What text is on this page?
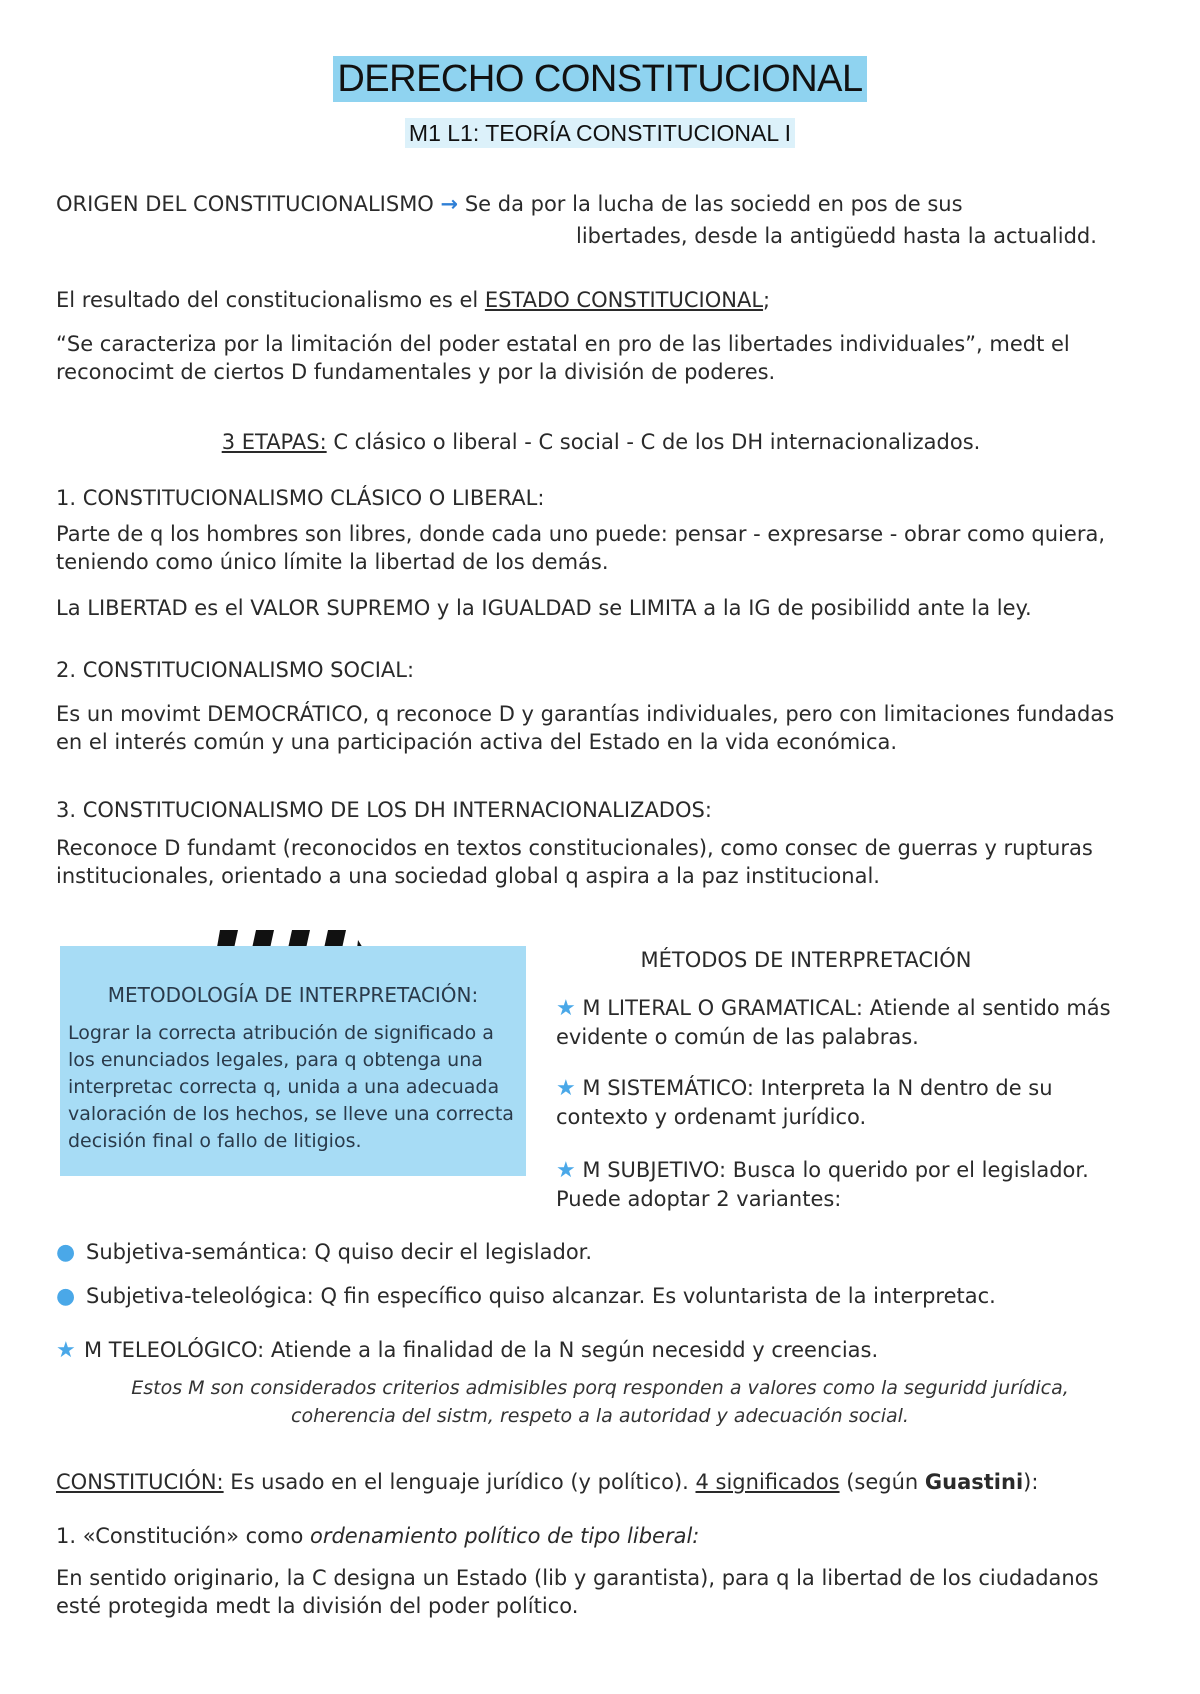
DERECHO CONSTITUCIONAL
M1 L1: TEORÍA CONSTITUCIONAL I

ORIGEN DEL CONSTITUCIONALISMO → Se da por la lucha de las sociedd en pos de sus

libertades, desde la antigüedd hasta la actualidd.

El resultado del constitucionalismo es el ESTADO CONSTITUCIONAL;

“Se caracteriza por la limitación del poder estatal en pro de las libertades individuales”, medt el reconocimt de ciertos D fundamentales y por la división de poderes.

3 ETAPAS: C clásico o liberal - C social - C de los DH internacionalizados.

1. CONSTITUCIONALISMO CLÁSICO O LIBERAL:

Parte de q los hombres son libres, donde cada uno puede: pensar - expresarse - obrar como quiera, teniendo como único límite la libertad de los demás.

La LIBERTAD es el VALOR SUPREMO y la IGUALDAD se LIMITA a la IG de posibilidd ante la ley.

2. CONSTITUCIONALISMO SOCIAL:

Es un movimt DEMOCRÁTICO, q reconoce D y garantías individuales, pero con limitaciones fundadas en el interés común y una participación activa del Estado en la vida económica.

3. CONSTITUCIONALISMO DE LOS DH INTERNACIONALIZADOS:

Reconoce D fundamt (reconocidos en textos constitucionales), como consec de guerras y rupturas institucionales, orientado a una sociedad global q aspira a la paz institucional.

METODOLOGÍA DE INTERPRETACIÓN:

Lograr la correcta atribución de significado a los enunciados legales, para q obtenga una interpretac correcta q, unida a una adecuada valoración de los hechos, se lleve una correcta decisión final o fallo de litigios.

MÉTODOS DE INTERPRETACIÓN

★ M LITERAL O GRAMATICAL: Atiende al sentido más evidente o común de las palabras.

★ M SISTEMÁTICO: Interpreta la N dentro de su contexto y ordenamt jurídico.

★ M SUBJETIVO: Busca lo querido por el legislador. Puede adoptar 2 variantes:

● Subjetiva-semántica: Q quiso decir el legislador.

● Subjetiva-teleológica: Q fin específico quiso alcanzar. Es voluntarista de la interpretac.

★ M TELEOLÓGICO: Atiende a la finalidad de la N según necesidd y creencias.

Estos M son considerados criterios admisibles porq responden a valores como la seguridd jurídica,

coherencia del sistm, respeto a la autoridad y adecuación social.

CONSTITUCIÓN: Es usado en el lenguaje jurídico (y político). 4 significados (según Guastini):

1. «Constitución» como ordenamiento político de tipo liberal:

En sentido originario, la C designa un Estado (lib y garantista), para q la libertad de los ciudadanos esté protegida medt la división del poder político.
